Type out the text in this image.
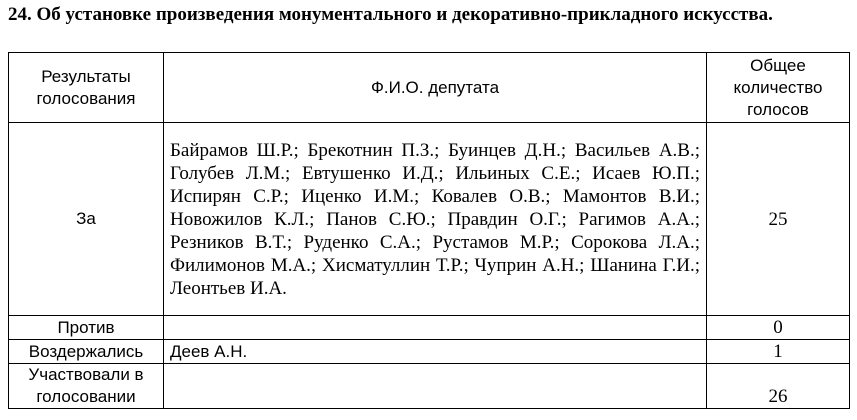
24. Об установке произведения монументального и декоративно-прикладного искусства.
Результаты голосования	Ф.И.О. депутата	Общее количество голосов
За	Байрамов Ш.Р.; Брекотнин П.З.; Буинцев Д.Н.; Васильев А.В.; Голубев Л.М.; Евтушенко И.Д.; Ильиных С.Е.; Исаев Ю.П.; Испирян С.Р.; Иценко И.М.; Ковалев О.В.; Мамонтов В.И.; Новожилов К.Л.; Панов С.Ю.; Правдин О.Г.; Рагимов А.А.; Резников В.Т.; Руденко С.А.; Рустамов М.Р.; Сорокова Л.А.; Филимонов М.А.; Хисматуллин Т.Р.; Чуприн А.Н.; Шанина Г.И.; Леонтьев И.А.	25
Против		0
Воздержались	Деев А.Н.	1
Участвовали в голосовании		26
